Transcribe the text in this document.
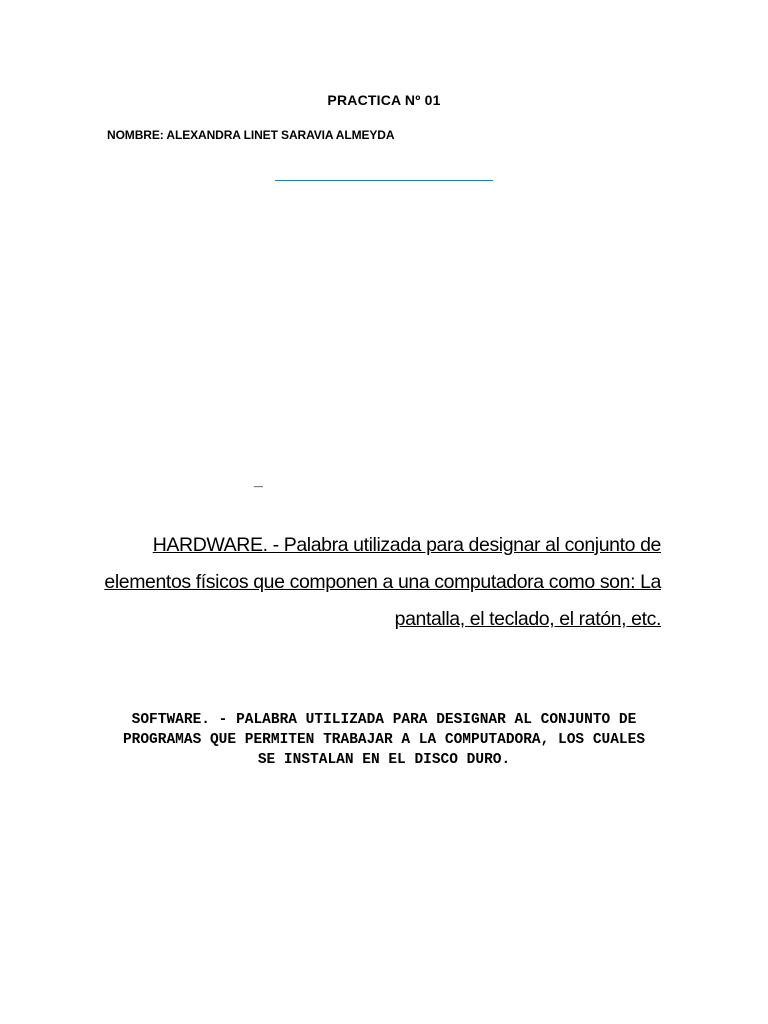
PRACTICA Nº 01
NOMBRE: ALEXANDRA LINET SARAVIA ALMEYDA
_
HARDWARE. - Palabra utilizada para designar al conjunto de elementos físicos que componen a una computadora como son: La pantalla, el teclado, el ratón, etc.
SOFTWARE. - PALABRA UTILIZADA PARA DESIGNAR AL CONJUNTO DE PROGRAMAS QUE PERMITEN TRABAJAR A LA COMPUTADORA, LOS CUALES SE INSTALAN EN EL DISCO DURO.
